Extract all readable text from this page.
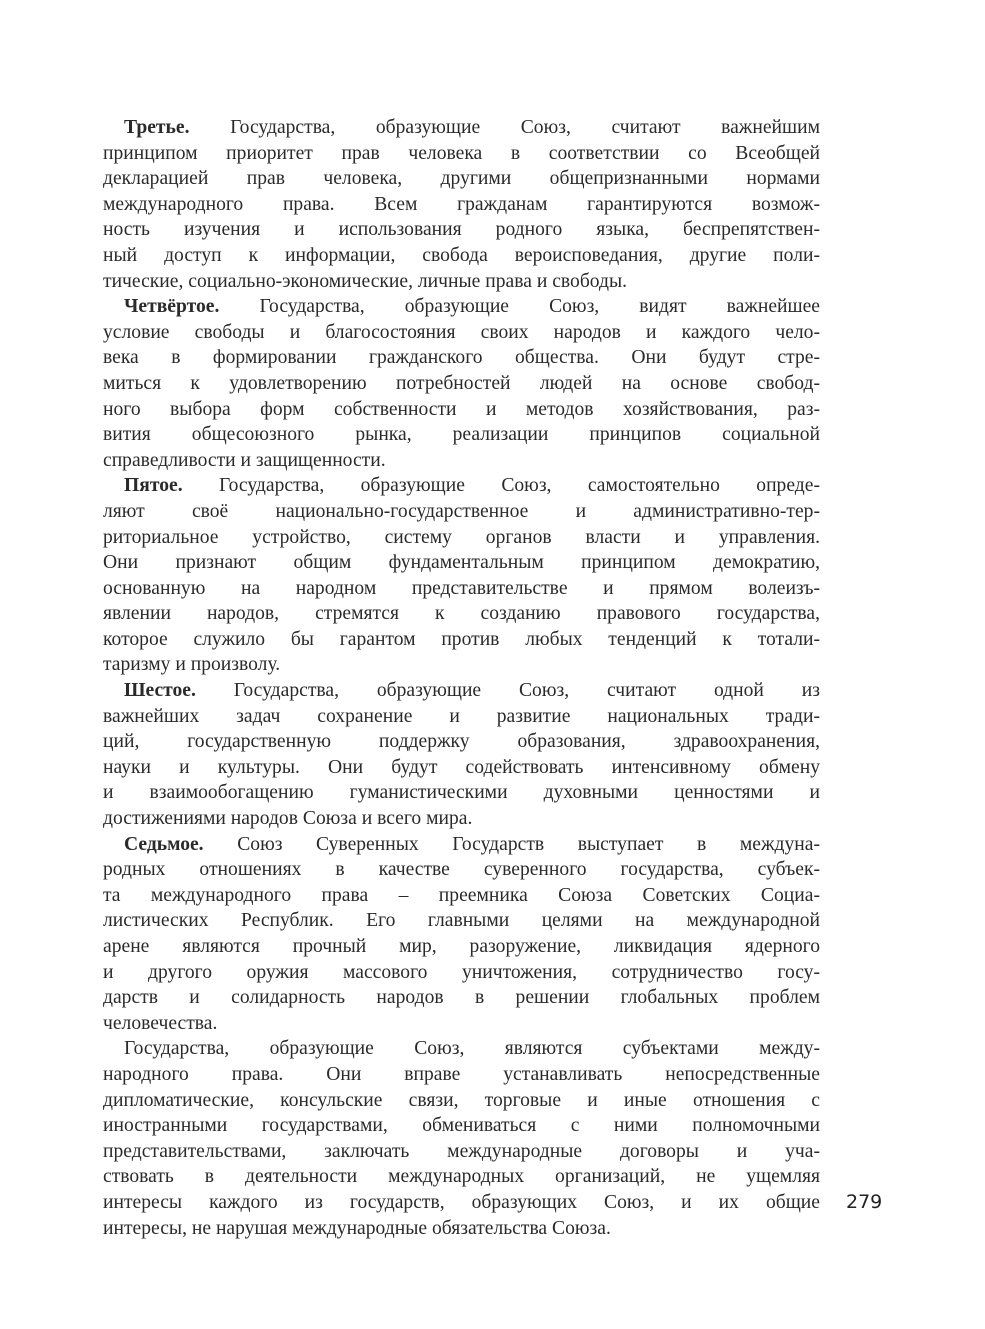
Третье. Государства, образующие Союз, считают важнейшим
принципом приоритет прав человека в соответствии со Всеобщей
декларацией прав человека, другими общепризнанными нормами
международного права. Всем гражданам гарантируются возмож-
ность изучения и использования родного языка, беспрепятствен-
ный доступ к информации, свобода вероисповедания, другие поли-
тические, социально-экономические, личные права и свободы.
Четвёртое. Государства, образующие Союз, видят важнейшее
условие свободы и благосостояния своих народов и каждого чело-
века в формировании гражданского общества. Они будут стре-
миться к удовлетворению потребностей людей на основе свобод-
ного выбора форм собственности и методов хозяйствования, раз-
вития общесоюзного рынка, реализации принципов социальной
справедливости и защищенности.
Пятое. Государства, образующие Союз, самостоятельно опреде-
ляют своё национально-государственное и административно-тер-
риториальное устройство, систему органов власти и управления.
Они признают общим фундаментальным принципом демократию,
основанную на народном представительстве и прямом волеизъ-
явлении народов, стремятся к созданию правового государства,
которое служило бы гарантом против любых тенденций к тотали-
таризму и произволу.
Шестое. Государства, образующие Союз, считают одной из
важнейших задач сохранение и развитие национальных тради-
ций, государственную поддержку образования, здравоохранения,
науки и культуры. Они будут содействовать интенсивному обмену
и взаимообогащению гуманистическими духовными ценностями и
достижениями народов Союза и всего мира.
Седьмое. Союз Суверенных Государств выступает в междуна-
родных отношениях в качестве суверенного государства, субъек-
та международного права – преемника Союза Советских Социа-
листических Республик. Его главными целями на международной
арене являются прочный мир, разоружение, ликвидация ядерного
и другого оружия массового уничтожения, сотрудничество госу-
дарств и солидарность народов в решении глобальных проблем
человечества.
Государства, образующие Союз, являются субъектами между-
народного права. Они вправе устанавливать непосредственные
дипломатические, консульские связи, торговые и иные отношения с
иностранными государствами, обмениваться с ними полномочными
представительствами, заключать международные договоры и уча-
ствовать в деятельности международных организаций, не ущемляя
интересы каждого из государств, образующих Союз, и их общие
интересы, не нарушая международные обязательства Союза.
279
